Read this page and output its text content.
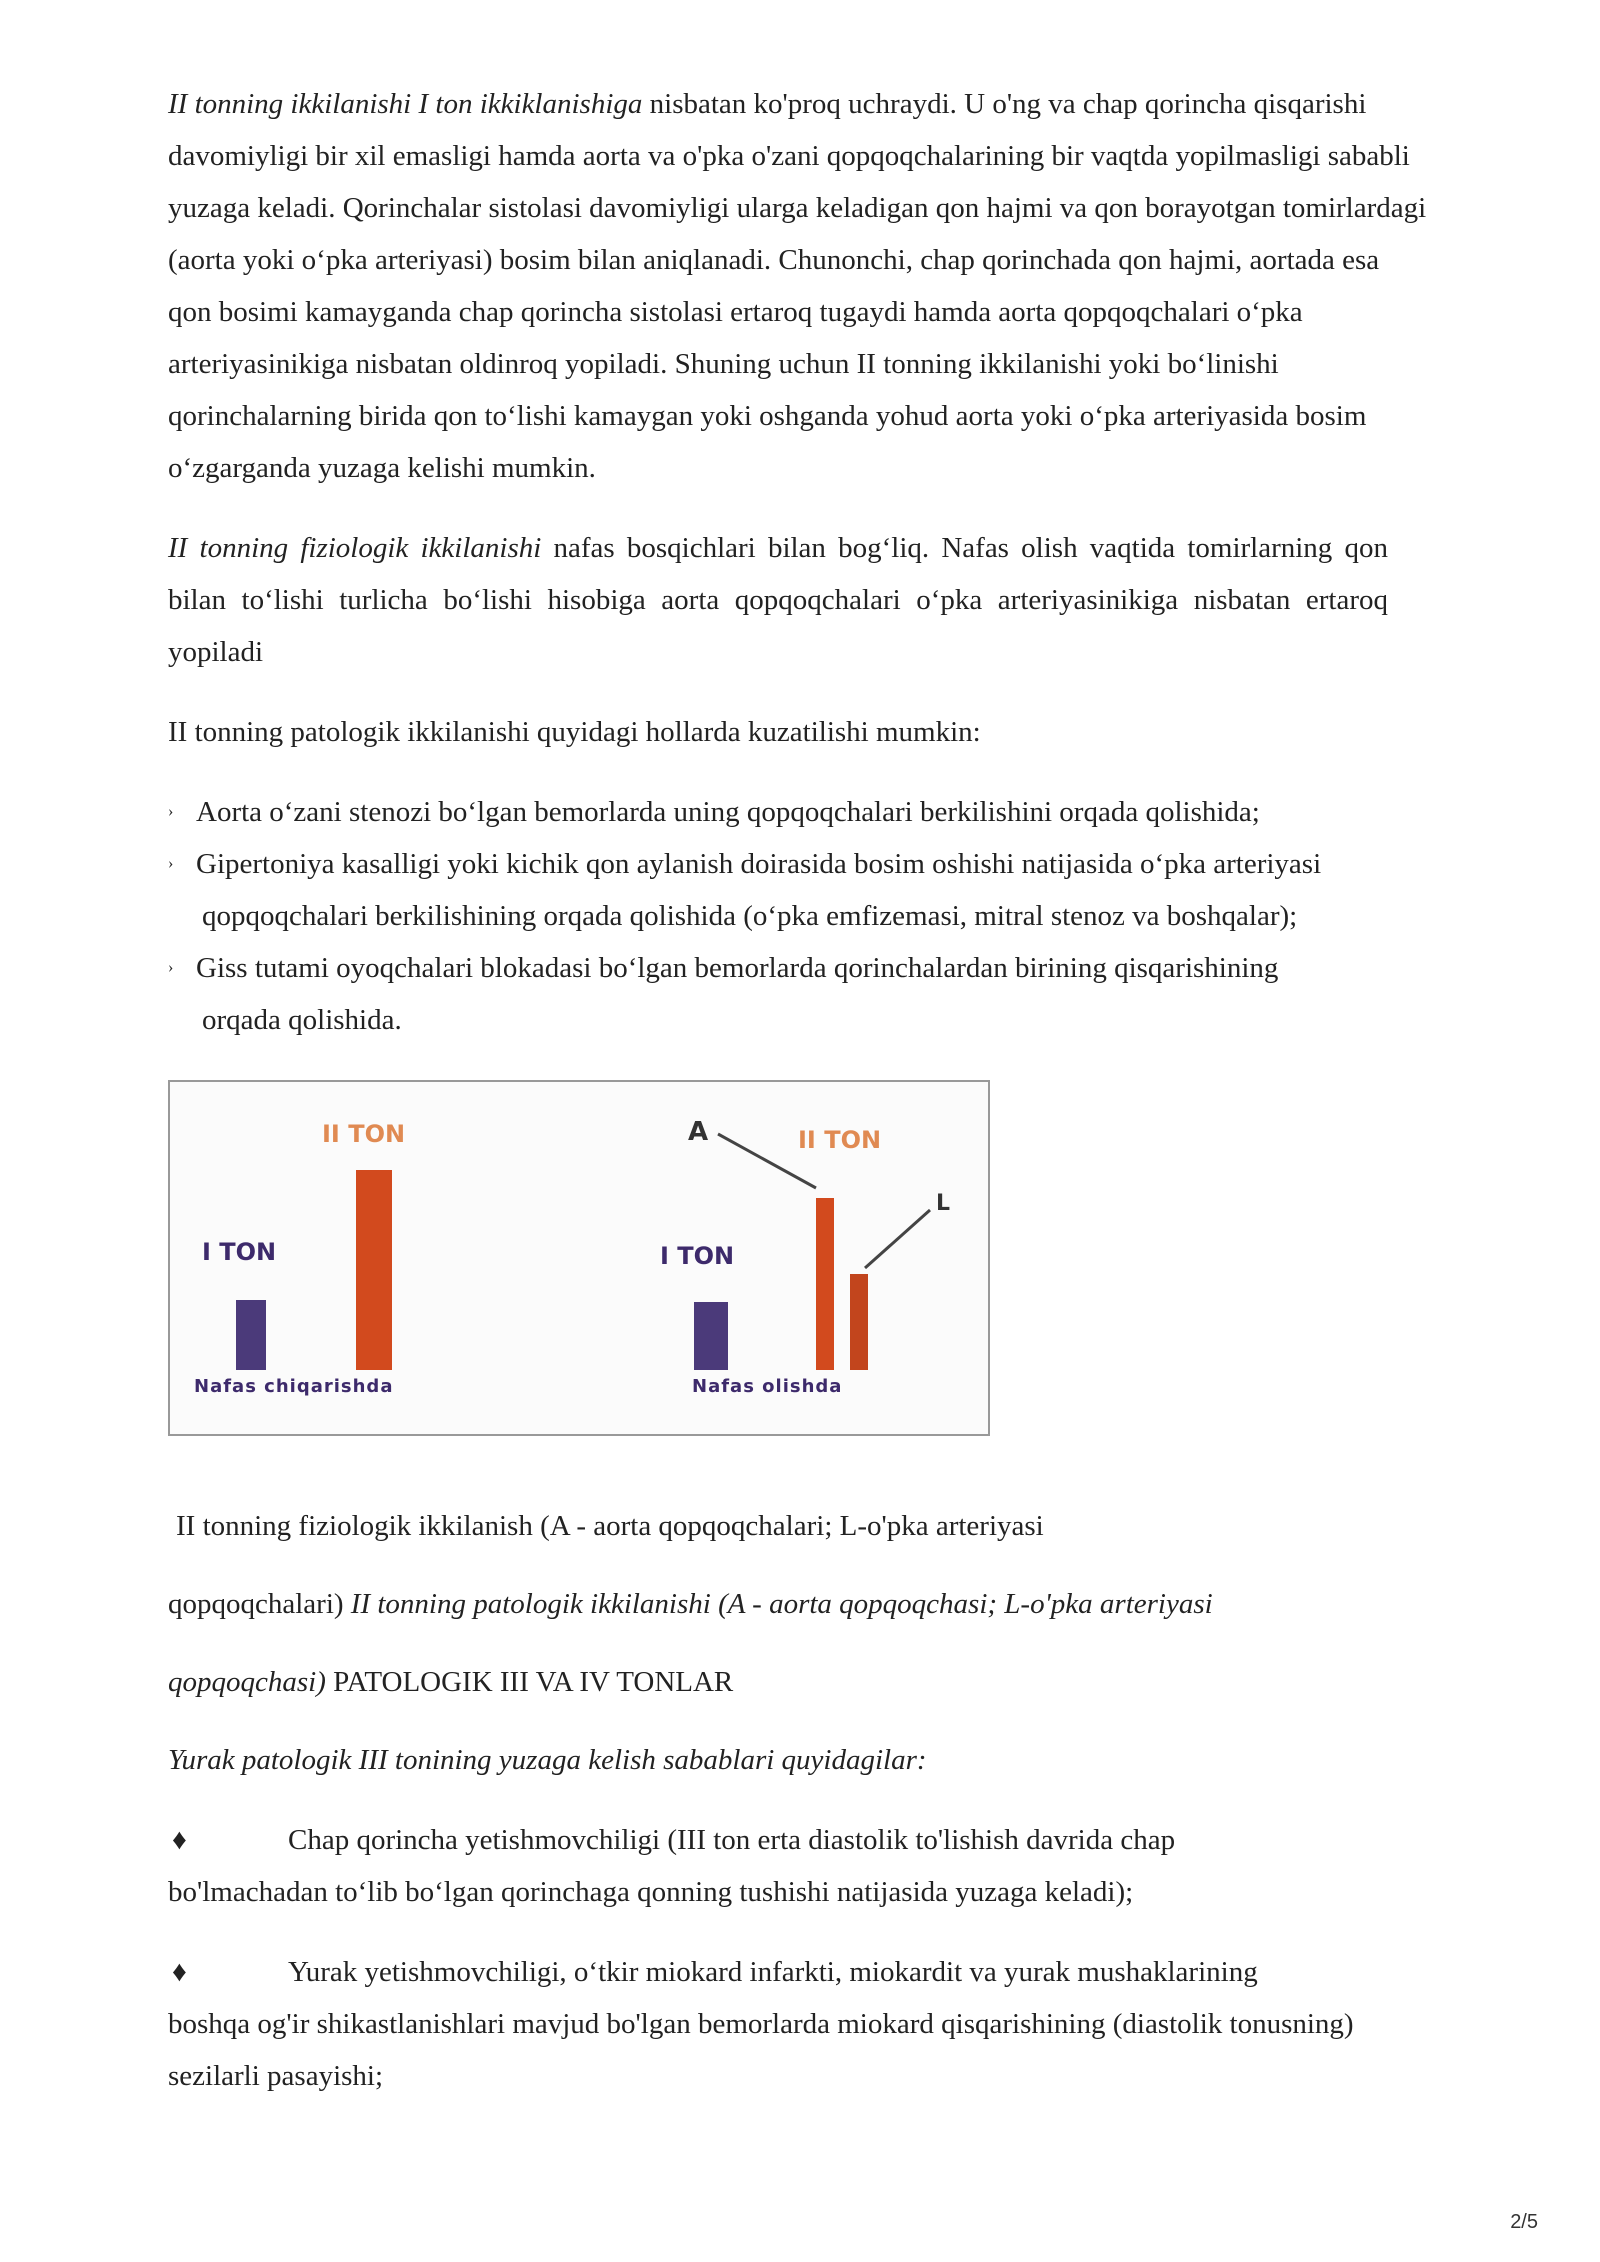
II tonning ikkilanishi I ton ikkiklanishiga nisbatan ko'proq uchraydi. U o'ng va chap qorincha qisqarishi davomiyligi bir xil emasligi hamda aorta va o'pka o'zani qopqoqchalarining bir vaqtda yopilmasligi sababli yuzaga keladi. Qorinchalar sistolasi davomiyligi ularga keladigan qon hajmi va qon borayotgan tomirlardagi (aorta yoki o‘pka arteriyasi) bosim bilan aniqlanadi. Chunonchi, chap qorinchada qon hajmi, aortada esa qon bosimi kamayganda chap qorincha sistolasi ertaroq tugaydi hamda aorta qopqoqchalari o‘pka arteriyasinikiga nisbatan oldinroq yopiladi. Shuning uchun II tonning ikkilanishi yoki bo‘linishi qorinchalarning birida qon to‘lishi kamaygan yoki oshganda yohud aorta yoki o‘pka arteriyasida bosim o‘zgarganda yuzaga kelishi mumkin.

II tonning fiziologik ikkilanishi nafas bosqichlari bilan bog‘liq. Nafas olish vaqtida tomirlarning qon bilan to‘lishi turlicha bo‘lishi hisobiga aorta qopqoqchalari o‘pka arteriyasinikiga nisbatan ertaroq yopiladi

II tonning patologik ikkilanishi quyidagi hollarda kuzatilishi mumkin:

› Aorta o‘zani stenozi bo‘lgan bemorlarda uning qopqoqchalari berkilishini orqada qolishida;
› Gipertoniya kasalligi yoki kichik qon aylanish doirasida bosim oshishi natijasida o‘pka arteriyasi
qopqoqchalari berkilishining orqada qolishida (o‘pka emfizemasi, mitral stenoz va boshqalar);
› Giss tutami oyoqchalari blokadasi bo‘lgan bemorlarda qorinchalardan birining qisqarishining
orqada qolishida.
I TON
II TON
Nafas chiqarishda
A	II TON
L
I TON
Nafas olishda

II tonning fiziologik ikkilanish (A - aorta qopqoqchalari; L-o'pka arteriyasi

qopqoqchalari) II tonning patologik ikkilanishi (A - aorta qopqoqchasi; L-o'pka arteriyasi

qopqoqchasi) PATOLOGIK III VA IV TONLAR

Yurak patologik III tonining yuzaga kelish sabablari quyidagilar:

♦	Chap qorincha yetishmovchiligi (III ton erta diastolik to'lishish davrida chap
bo'lmachadan to‘lib bo‘lgan qorinchaga qonning tushishi natijasida yuzaga keladi);
♦	Yurak yetishmovchiligi, o‘tkir miokard infarkti, miokardit va yurak mushaklarining
boshqa og'ir shikastlanishlari mavjud bo'lgan bemorlarda miokard qisqarishining (diastolik tonusning) sezilarli pasayishi;
2/5
